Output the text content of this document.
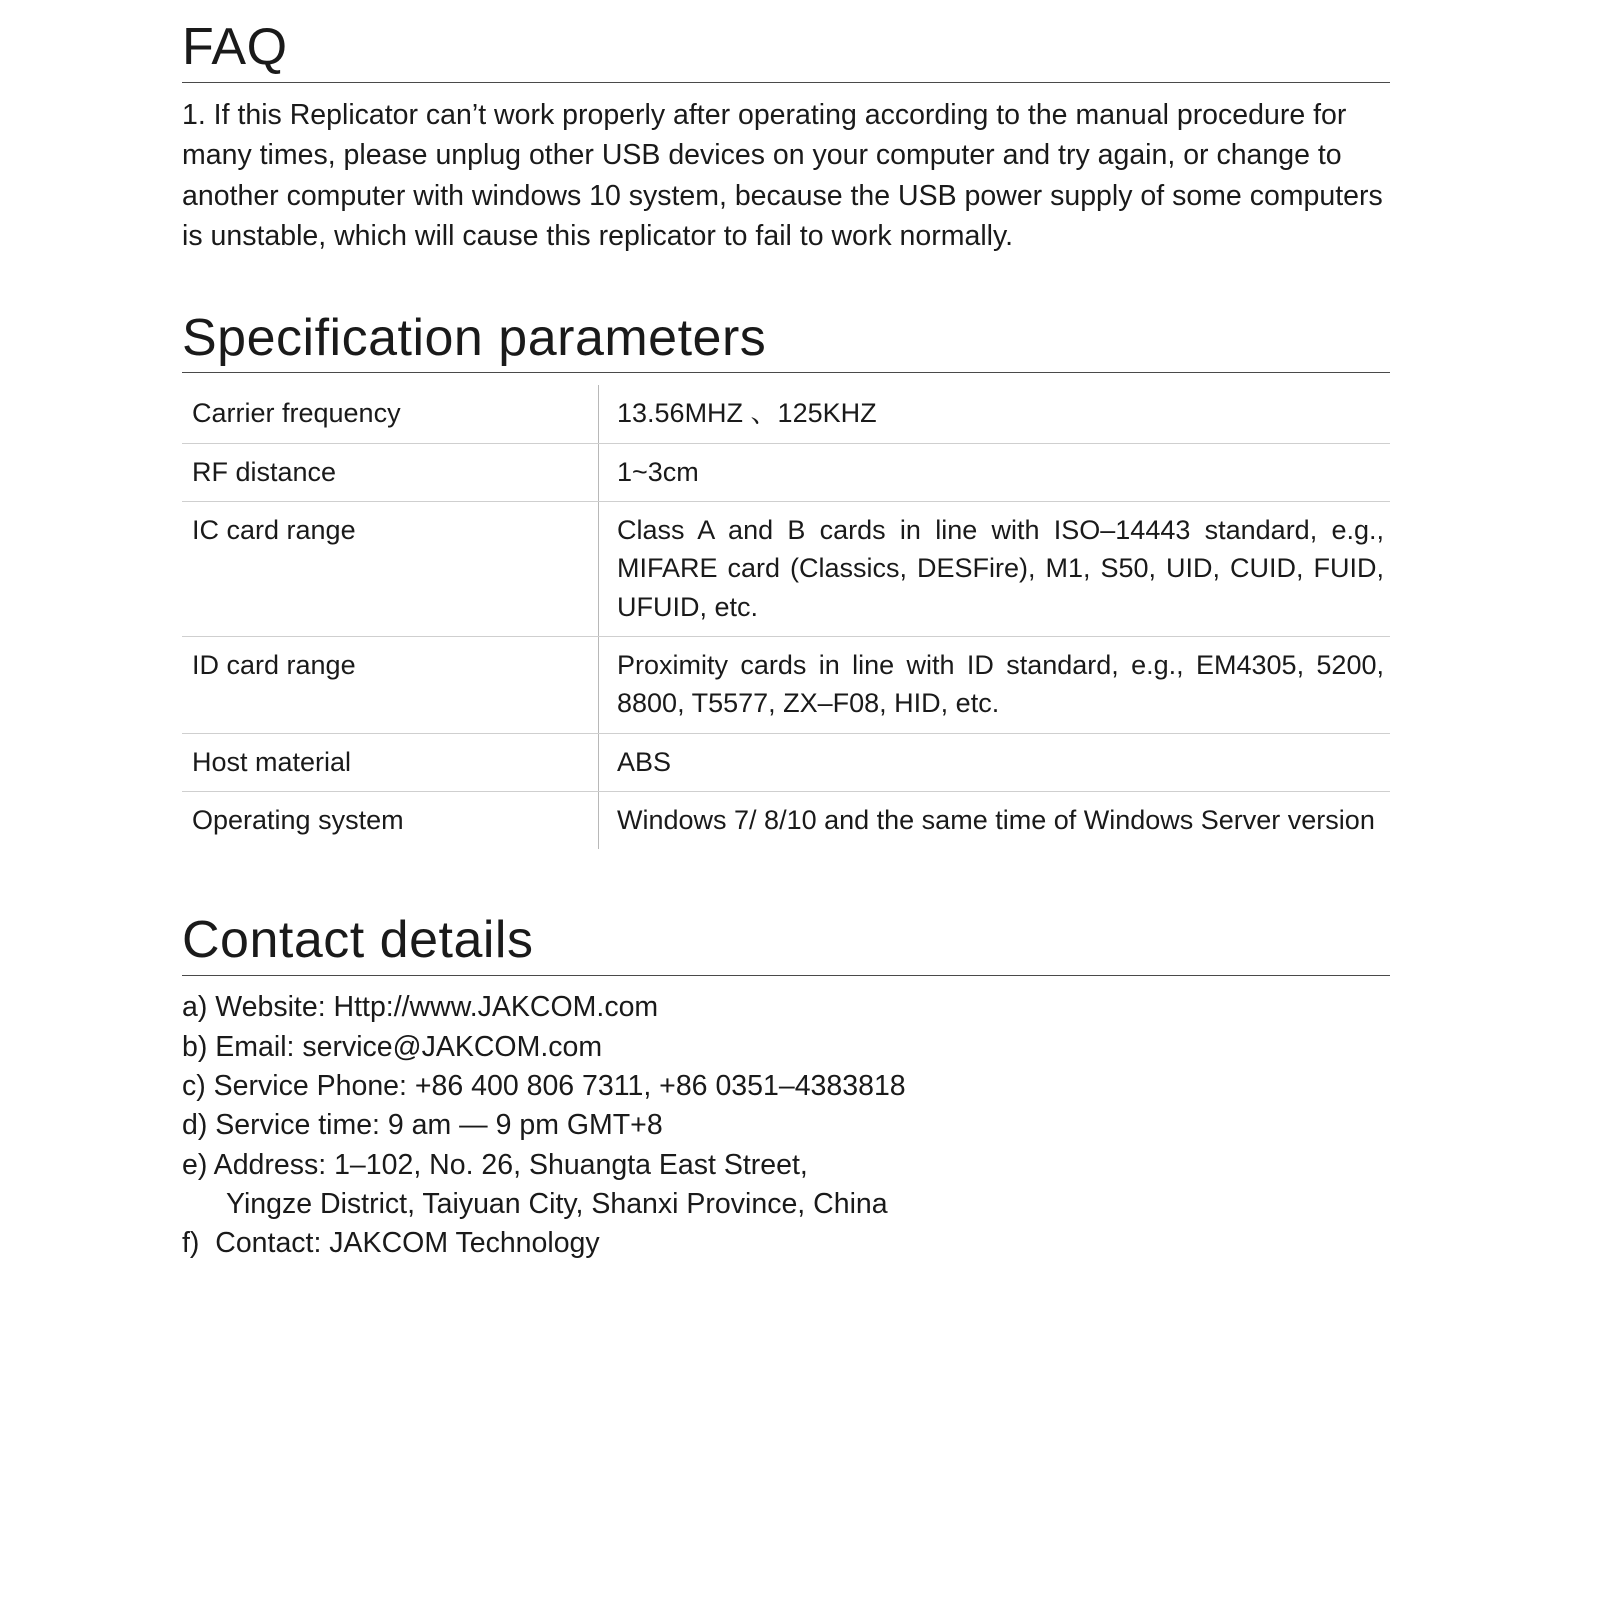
FAQ

1. If this Replicator can’t work properly after operating according to the manual procedure for many times, please unplug other USB devices on your computer and try again, or change to another computer with windows 10 system, because the USB power supply of some computers is unstable, which will cause this replicator to fail to work normally.

Specification parameters
Carrier frequency	13.56MHZ 、125KHZ
RF distance	1~3cm
IC card range	Class A and B cards in line with ISO–14443 standard, e.g., MIFARE card (Classics, DESFire), M1, S50, UID, CUID, FUID, UFUID, etc.
ID card range	Proximity cards in line with ID standard, e.g., EM4305, 5200, 8800, T5577, ZX–F08, HID, etc.
Host material	ABS
Operating system	Windows 7/ 8/10 and the same time of Windows Server version
Contact details
a) Website: Http://www.JAKCOM.com
b) Email: service@JAKCOM.com
c) Service Phone: +86 400 806 7311, +86 0351–4383818
d) Service time: 9 am — 9 pm GMT+8
e) Address: 1–102, No. 26, Shuangta East Street,
Yingze District, Taiyuan City, Shanxi Province, China
f)  Contact: JAKCOM Technology
